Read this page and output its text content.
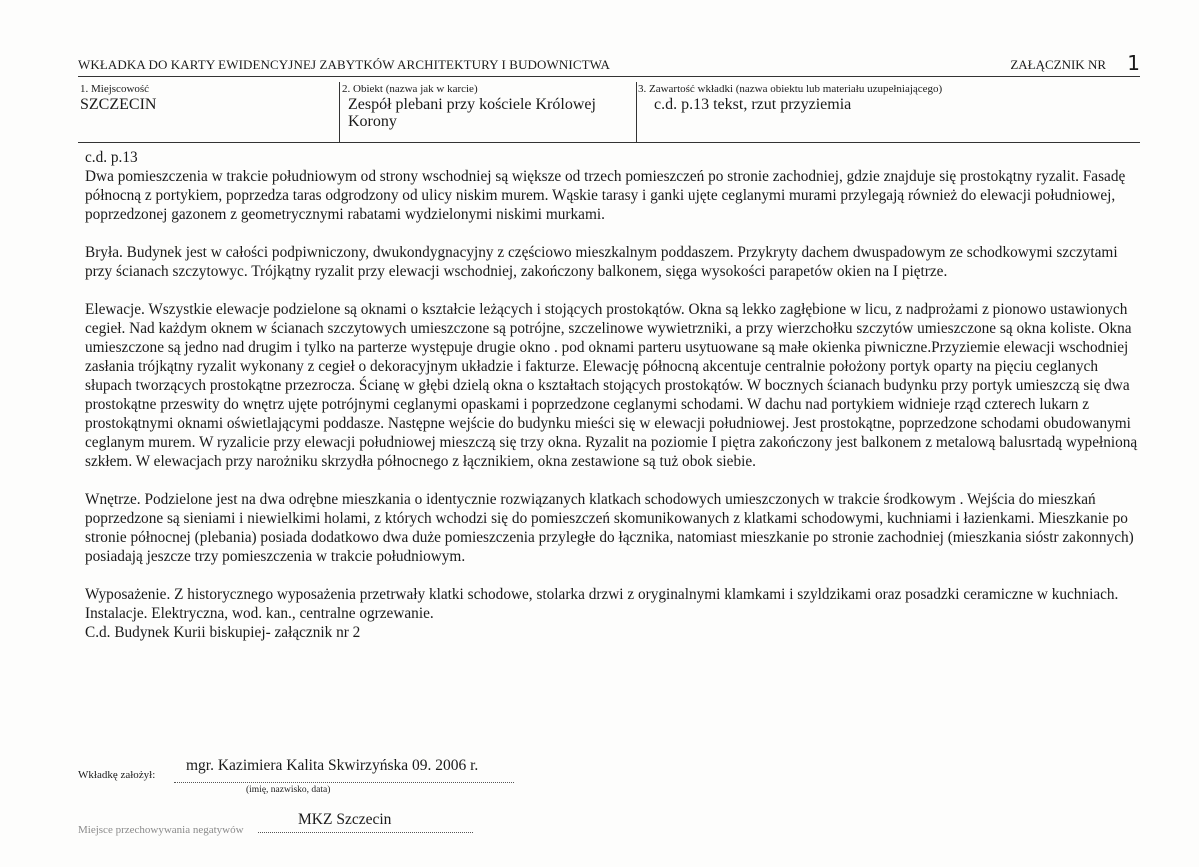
WKŁADKA DO KARTY EWIDENCYJNEJ ZABYTKÓW ARCHITEKTURY I BUDOWNICTWA	ZAŁĄCZNIK NR 1
1. Miejscowość
SZCZECIN
2. Obiekt (nazwa jak w karcie)
Zespół plebani przy kościele Królowej Korony
3. Zawartość wkładki (nazwa obiektu lub materiału uzupełniającego)
c.d. p.13 tekst, rzut przyziemia

c.d. p.13

Dwa pomieszczenia w trakcie południowym od strony wschodniej są większe od trzech pomieszczeń po stronie zachodniej, gdzie znajduje się prostokątny ryzalit. Fasadę północną z portykiem, poprzedza taras odgrodzony od ulicy niskim murem. Wąskie tarasy i ganki ujęte ceglanymi murami przylegają również do elewacji południowej, poprzedzonej gazonem z geometrycznymi rabatami wydzielonymi niskimi murkami.

Bryła. Budynek jest w całości podpiwniczony, dwukondygnacyjny z częściowo mieszkalnym poddaszem. Przykryty dachem dwuspadowym ze schodkowymi szczytami przy ścianach szczytowyc. Trójkątny ryzalit przy elewacji wschodniej, zakończony balkonem, sięga wysokości parapetów okien na I piętrze.

Elewacje. Wszystkie elewacje podzielone są oknami o kształcie leżących i stojących prostokątów. Okna są lekko zagłębione w licu, z nadprożami z pionowo ustawionych cegieł. Nad każdym oknem w ścianach szczytowych umieszczone są potrójne, szczelinowe wywietrzniki, a przy wierzchołku szczytów umieszczone są okna koliste. Okna umieszczone są jedno nad drugim i tylko na parterze występuje drugie okno . pod oknami parteru usytuowane są małe okienka piwniczne.Przyziemie elewacji wschodniej zasłania trójkątny ryzalit wykonany z cegieł o dekoracyjnym układzie i fakturze. Elewację północną akcentuje centralnie położony portyk oparty na pięciu ceglanych słupach tworzących prostokątne przezrocza. Ścianę w głębi dzielą okna o kształtach stojących prostokątów. W bocznych ścianach budynku przy portyk umieszczą się dwa prostokątne przeswity do wnętrz ujęte potrójnymi ceglanymi opaskami i poprzedzone ceglanymi schodami. W dachu nad portykiem widnieje rząd czterech lukarn z prostokątnymi oknami oświetlającymi poddasze. Następne wejście do budynku mieści się w elewacji południowej. Jest prostokątne, poprzedzone schodami obudowanymi ceglanym murem. W ryzalicie przy elewacji południowej mieszczą się trzy okna. Ryzalit na poziomie I piętra zakończony jest balkonem z metalową balusrtadą wypełnioną szkłem. W elewacjach przy narożniku skrzydła północnego z łącznikiem, okna zestawione są tuż obok siebie.

Wnętrze. Podzielone jest na dwa odrębne mieszkania o identycznie rozwiązanych klatkach schodowych umieszczonych w trakcie środkowym . Wejścia do mieszkań poprzedzone są sieniami i niewielkimi holami, z których wchodzi się do pomieszczeń skomunikowanych z klatkami schodowymi, kuchniami i łazienkami. Mieszkanie po stronie północnej (plebania) posiada dodatkowo dwa duże pomieszczenia przyległe do łącznika, natomiast mieszkanie po stronie zachodniej (mieszkania sióstr zakonnych) posiadają jeszcze trzy pomieszczenia w trakcie południowym.

Wyposażenie. Z historycznego wyposażenia przetrwały klatki schodowe, stolarka drzwi z oryginalnymi klamkami i szyldzikami oraz posadzki ceramiczne w kuchniach.

Instalacje. Elektryczna, wod. kan., centralne ogrzewanie.

C.d. Budynek Kurii biskupiej- załącznik nr 2

Wkładkę założył:
mgr. Kazimiera Kalita Skwirzyńska 09. 2006 r.
(imię, nazwisko, data)
Miejsce przechowywania negatywów
MKZ Szczecin
